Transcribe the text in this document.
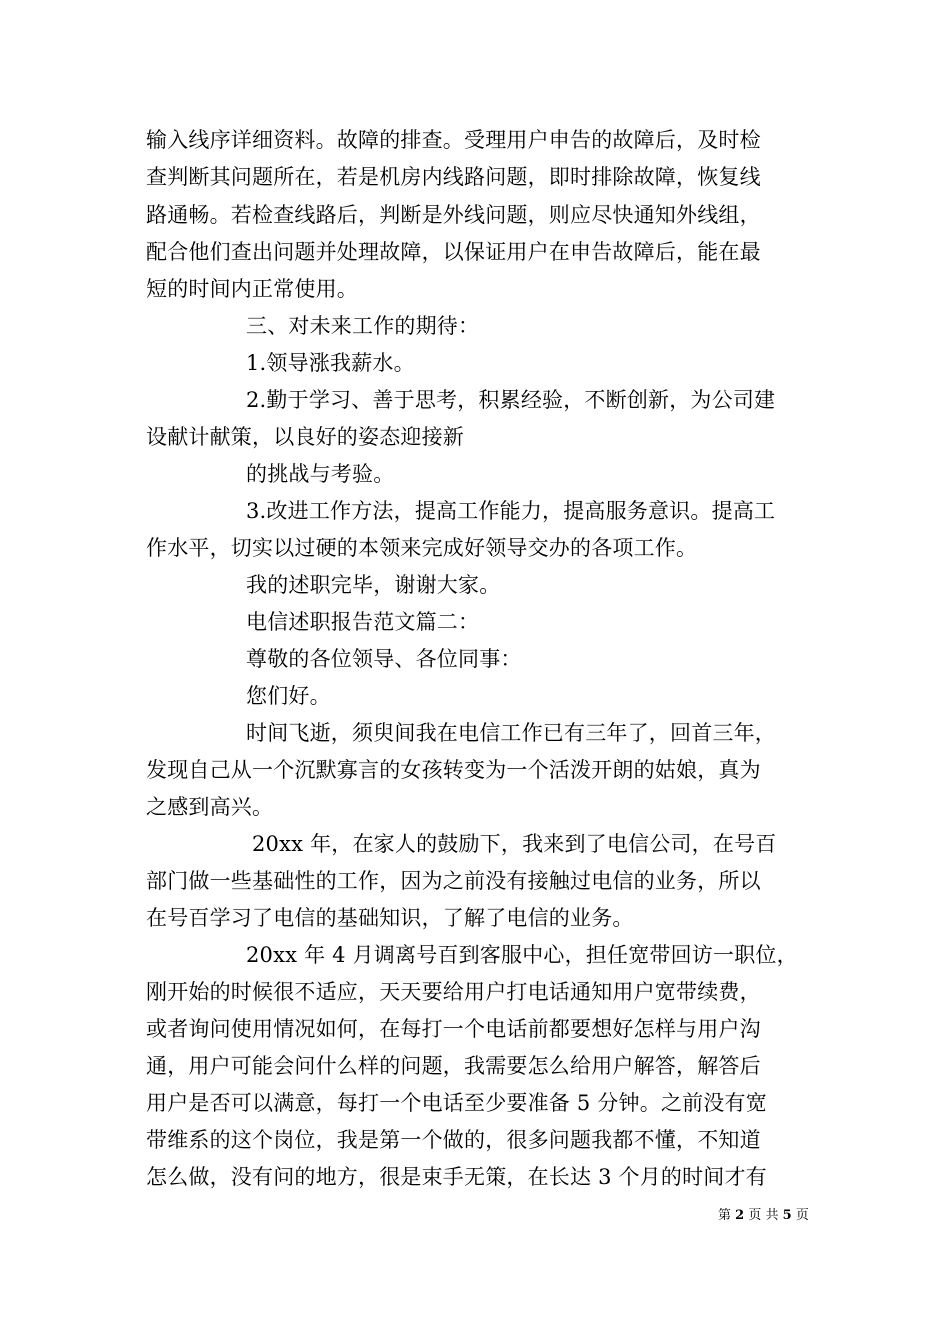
输入线序详细资料。故障的排查。受理用户申告的故障后，及时检
查判断其问题所在，若是机房内线路问题，即时排除故障，恢复线
路通畅。若检查线路后，判断是外线问题，则应尽快通知外线组，
配合他们查出问题并处理故障，以保证用户在申告故障后，能在最
短的时间内正常使用。
三、对未来工作的期待：
1.领导涨我薪水。
2.勤于学习、善于思考，积累经验，不断创新，为公司建
设献计献策，以良好的姿态迎接新
的挑战与考验。
3.改进工作方法，提高工作能力，提高服务意识。提高工
作水平，切实以过硬的本领来完成好领导交办的各项工作。
我的述职完毕，谢谢大家。
电信述职报告范文篇二：
尊敬的各位领导、各位同事：
您们好。
时间飞逝，须臾间我在电信工作已有三年了，回首三年，
发现自己从一个沉默寡言的女孩转变为一个活泼开朗的姑娘，真为
之感到高兴。
20xx 年，在家人的鼓励下，我来到了电信公司，在号百
部门做一些基础性的工作，因为之前没有接触过电信的业务，所以
在号百学习了电信的基础知识，了解了电信的业务。
20xx 年 4 月调离号百到客服中心，担任宽带回访一职位，
刚开始的时候很不适应，天天要给用户打电话通知用户宽带续费，
或者询问使用情况如何，在每打一个电话前都要想好怎样与用户沟
通，用户可能会问什么样的问题，我需要怎么给用户解答，解答后
用户是否可以满意，每打一个电话至少要准备 5 分钟。之前没有宽
带维系的这个岗位，我是第一个做的，很多问题我都不懂，不知道
怎么做，没有问的地方，很是束手无策，在长达 3 个月的时间才有
第 2 页 共 5 页
